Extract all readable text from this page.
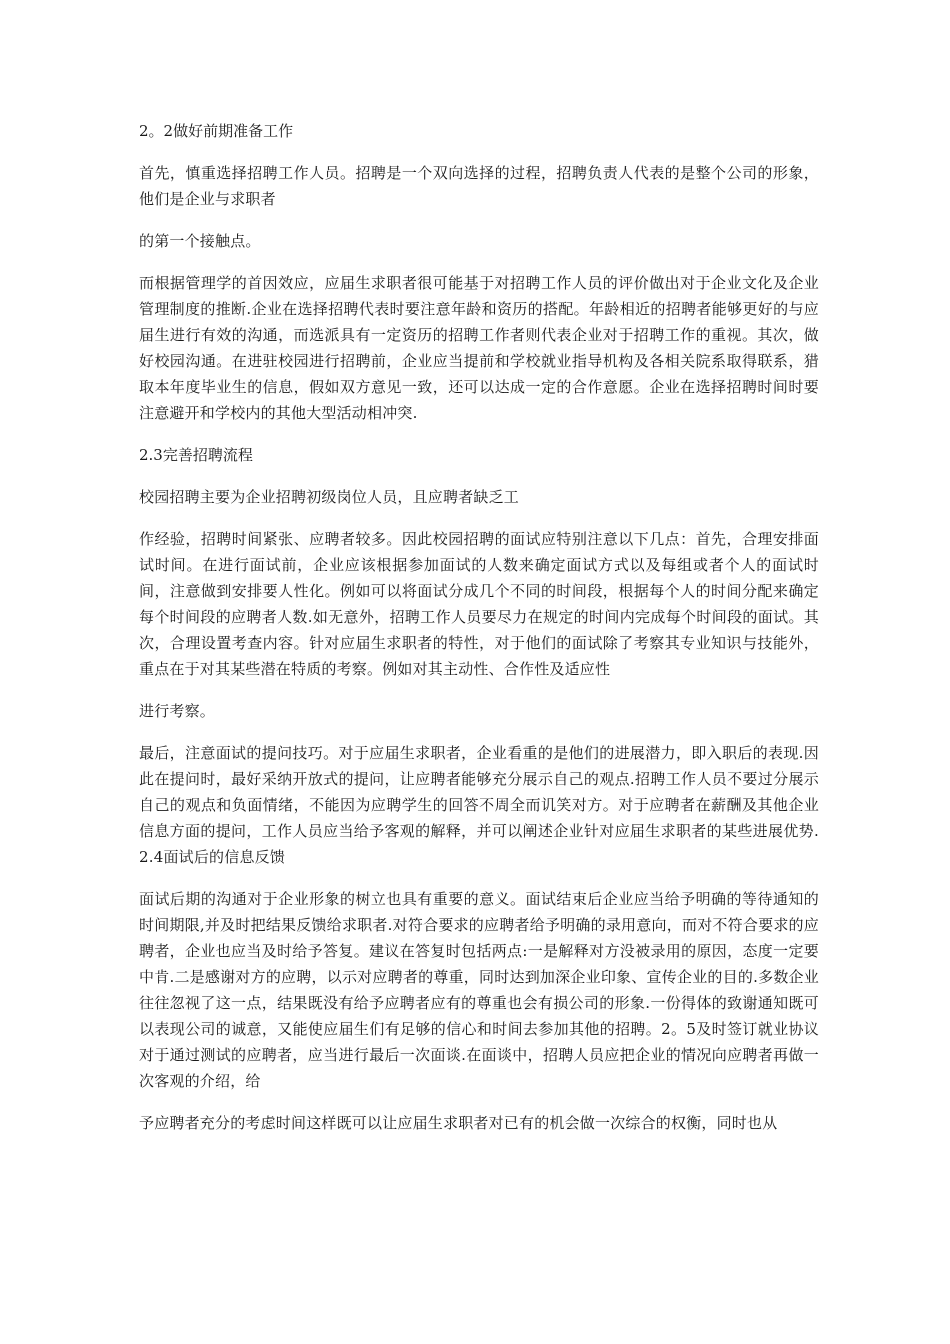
2。2做好前期准备工作
首先，慎重选择招聘工作人员。招聘是一个双向选择的过程，招聘负责人代表的是整个公司的形象，他们是企业与求职者
的第一个接触点。
而根据管理学的首因效应，应届生求职者很可能基于对招聘工作人员的评价做出对于企业文化及企业管理制度的推断.企业在选择招聘代表时要注意年龄和资历的搭配。年龄相近的招聘者能够更好的与应届生进行有效的沟通，而选派具有一定资历的招聘工作者则代表企业对于招聘工作的重视。其次，做好校园沟通。在进驻校园进行招聘前，企业应当提前和学校就业指导机构及各相关院系取得联系，猎取本年度毕业生的信息，假如双方意见一致，还可以达成一定的合作意愿。企业在选择招聘时间时要注意避开和学校内的其他大型活动相冲突.
2.3完善招聘流程
校园招聘主要为企业招聘初级岗位人员，且应聘者缺乏工
作经验，招聘时间紧张、应聘者较多。因此校园招聘的面试应特别注意以下几点：首先，合理安排面试时间。在进行面试前，企业应该根据参加面试的人数来确定面试方式以及每组或者个人的面试时间，注意做到安排要人性化。例如可以将面试分成几个不同的时间段，根据每个人的时间分配来确定每个时间段的应聘者人数.如无意外，招聘工作人员要尽力在规定的时间内完成每个时间段的面试。其次，合理设置考查内容。针对应届生求职者的特性，对于他们的面试除了考察其专业知识与技能外，重点在于对其某些潜在特质的考察。例如对其主动性、合作性及适应性
进行考察。
最后，注意面试的提问技巧。对于应届生求职者，企业看重的是他们的进展潜力，即入职后的表现.因此在提问时，最好采纳开放式的提问，让应聘者能够充分展示自己的观点.招聘工作人员不要过分展示自己的观点和负面情绪，不能因为应聘学生的回答不周全而讥笑对方。对于应聘者在薪酬及其他企业信息方面的提问，工作人员应当给予客观的解释，并可以阐述企业针对应届生求职者的某些进展优势.2.4面试后的信息反馈
面试后期的沟通对于企业形象的树立也具有重要的意义。面试结束后企业应当给予明确的等待通知的时间期限,并及时把结果反馈给求职者.对符合要求的应聘者给予明确的录用意向，而对不符合要求的应聘者，企业也应当及时给予答复。建议在答复时包括两点:一是解释对方没被录用的原因，态度一定要中肯.二是感谢对方的应聘，以示对应聘者的尊重，同时达到加深企业印象、宣传企业的目的.多数企业往往忽视了这一点，结果既没有给予应聘者应有的尊重也会有损公司的形象.一份得体的致谢通知既可以表现公司的诚意，又能使应届生们有足够的信心和时间去参加其他的招聘。2。5及时签订就业协议对于通过测试的应聘者，应当进行最后一次面谈.在面谈中，招聘人员应把企业的情况向应聘者再做一次客观的介绍，给
予应聘者充分的考虑时间这样既可以让应届生求职者对已有的机会做一次综合的权衡，同时也从
